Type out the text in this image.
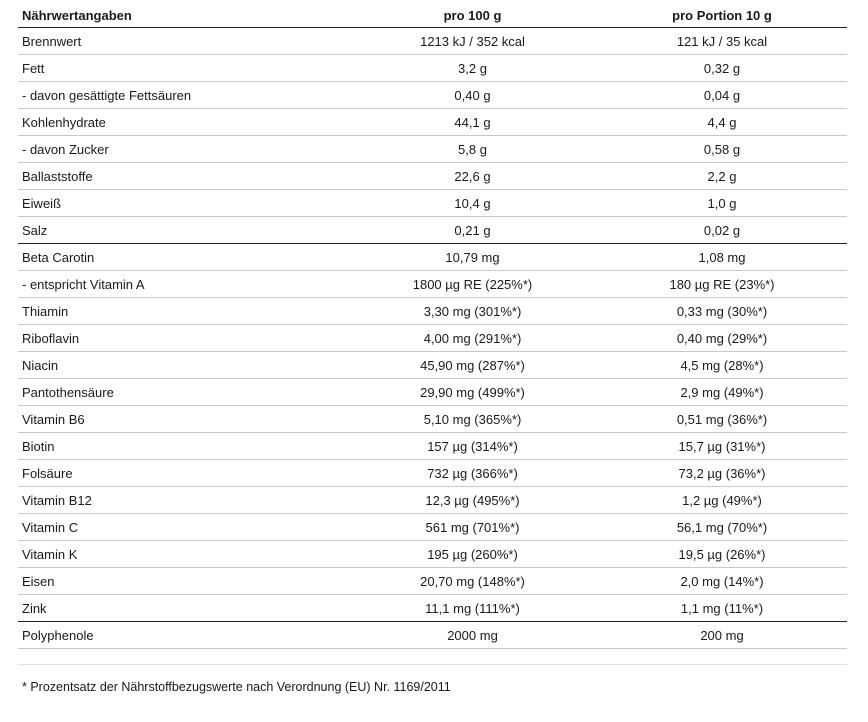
Nährwertangaben	pro 100 g	pro Portion 10 g
Brennwert	1213 kJ / 352 kcal	121 kJ / 35 kcal
Fett	3,2 g	0,32 g
- davon gesättigte Fettsäuren	0,40 g	0,04 g
Kohlenhydrate	44,1 g	4,4 g
- davon Zucker	5,8 g	0,58 g
Ballaststoffe	22,6 g	2,2 g
Eiweiß	10,4 g	1,0 g
Salz	0,21 g	0,02 g
Beta Carotin	10,79 mg	1,08 mg
- entspricht Vitamin A	1800 µg RE (225%*)	180 µg RE (23%*)
Thiamin	3,30 mg (301%*)	0,33 mg (30%*)
Riboflavin	4,00 mg (291%*)	0,40 mg (29%*)
Niacin	45,90 mg (287%*)	4,5 mg (28%*)
Pantothensäure	29,90 mg (499%*)	2,9 mg (49%*)
Vitamin B6	5,10 mg (365%*)	0,51 mg (36%*)
Biotin	157 µg (314%*)	15,7 µg (31%*)
Folsäure	732 µg (366%*)	73,2 µg (36%*)
Vitamin B12	12,3 µg (495%*)	1,2 µg (49%*)
Vitamin C	561 mg (701%*)	56,1 mg (70%*)
Vitamin K	195 µg (260%*)	19,5 µg (26%*)
Eisen	20,70 mg (148%*)	2,0 mg (14%*)
Zink	11,1 mg (111%*)	1,1 mg (11%*)
Polyphenole	2000 mg	200 mg
* Prozentsatz der Nährstoffbezugswerte nach Verordnung (EU) Nr. 1169/2011
